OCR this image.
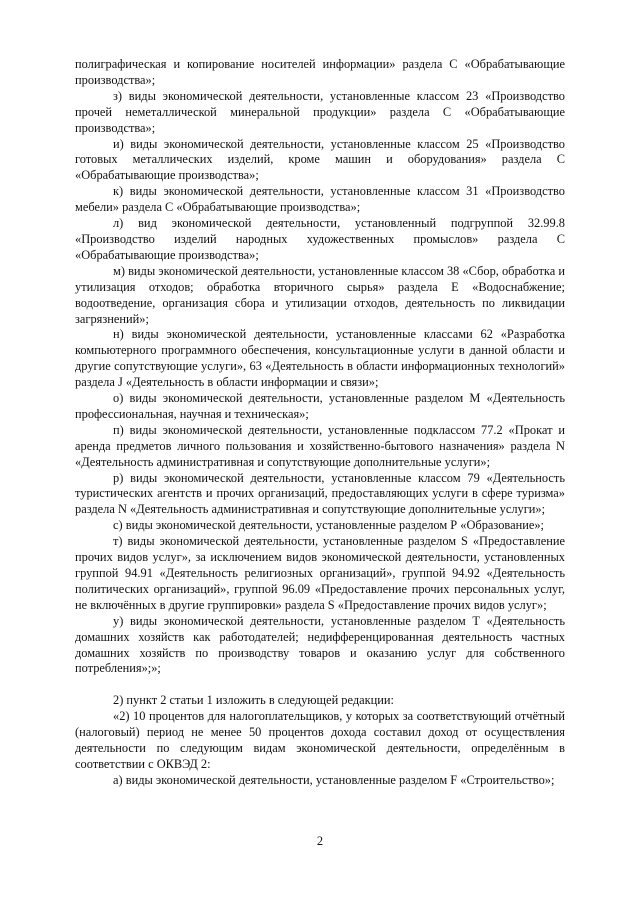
полиграфическая и копирование носителей информации» раздела С «Обрабатывающие производства»;

з) виды экономической деятельности, установленные классом 23 «Производство прочей неметаллической минеральной продукции» раздела С «Обрабатывающие производства»;

и) виды экономической деятельности, установленные классом 25 «Производство готовых металлических изделий, кроме машин и оборудования» раздела С «Обрабатывающие производства»;

к) виды экономической деятельности, установленные классом 31 «Производство мебели» раздела С «Обрабатывающие производства»;

л) вид экономической деятельности, установленный подгруппой 32.99.8 «Производство изделий народных художественных промыслов» раздела С «Обрабатывающие производства»;

м) виды экономической деятельности, установленные классом 38 «Сбор, обработка и утилизация отходов; обработка вторичного сырья» раздела Е «Водоснабжение; водоотведение, организация сбора и утилизации отходов, деятельность по ликвидации загрязнений»;

н) виды экономической деятельности, установленные классами 62 «Разработка компьютерного программного обеспечения, консультационные услуги в данной области и другие сопутствующие услуги», 63 «Деятельность в области информационных технологий» раздела J «Деятельность в области информации и связи»;

о) виды экономической деятельности, установленные разделом М «Деятельность профессиональная, научная и техническая»;

п) виды экономической деятельности, установленные подклассом 77.2 «Прокат и аренда предметов личного пользования и хозяйственно-бытового назначения» раздела N «Деятельность административная и сопутствующие дополнительные услуги»;

р) виды экономической деятельности, установленные классом 79 «Деятельность туристических агентств и прочих организаций, предоставляющих услуги в сфере туризма» раздела N «Деятельность административная и сопутствующие дополнительные услуги»;

с) виды экономической деятельности, установленные разделом Р «Образование»;

т) виды экономической деятельности, установленные разделом S «Предоставление прочих видов услуг», за исключением видов экономической деятельности, установленных группой 94.91 «Деятельность религиозных организаций», группой 94.92 «Деятельность политических организаций», группой 96.09 «Предоставление прочих персональных услуг, не включённых в другие группировки» раздела S «Предоставление прочих видов услуг»;

у) виды экономической деятельности, установленные разделом Т «Деятельность домашних хозяйств как работодателей; недифференцированная деятельность частных домашних хозяйств по производству товаров и оказанию услуг для собственного потребления»;»;

2) пункт 2 статьи 1 изложить в следующей редакции:

«2) 10 процентов для налогоплательщиков, у которых за соответствующий отчётный (налоговый) период не менее 50 процентов дохода составил доход от осуществления деятельности по следующим видам экономической деятельности, определённым в соответствии с ОКВЭД 2:

а) виды экономической деятельности, установленные разделом F «Строительство»;

2
